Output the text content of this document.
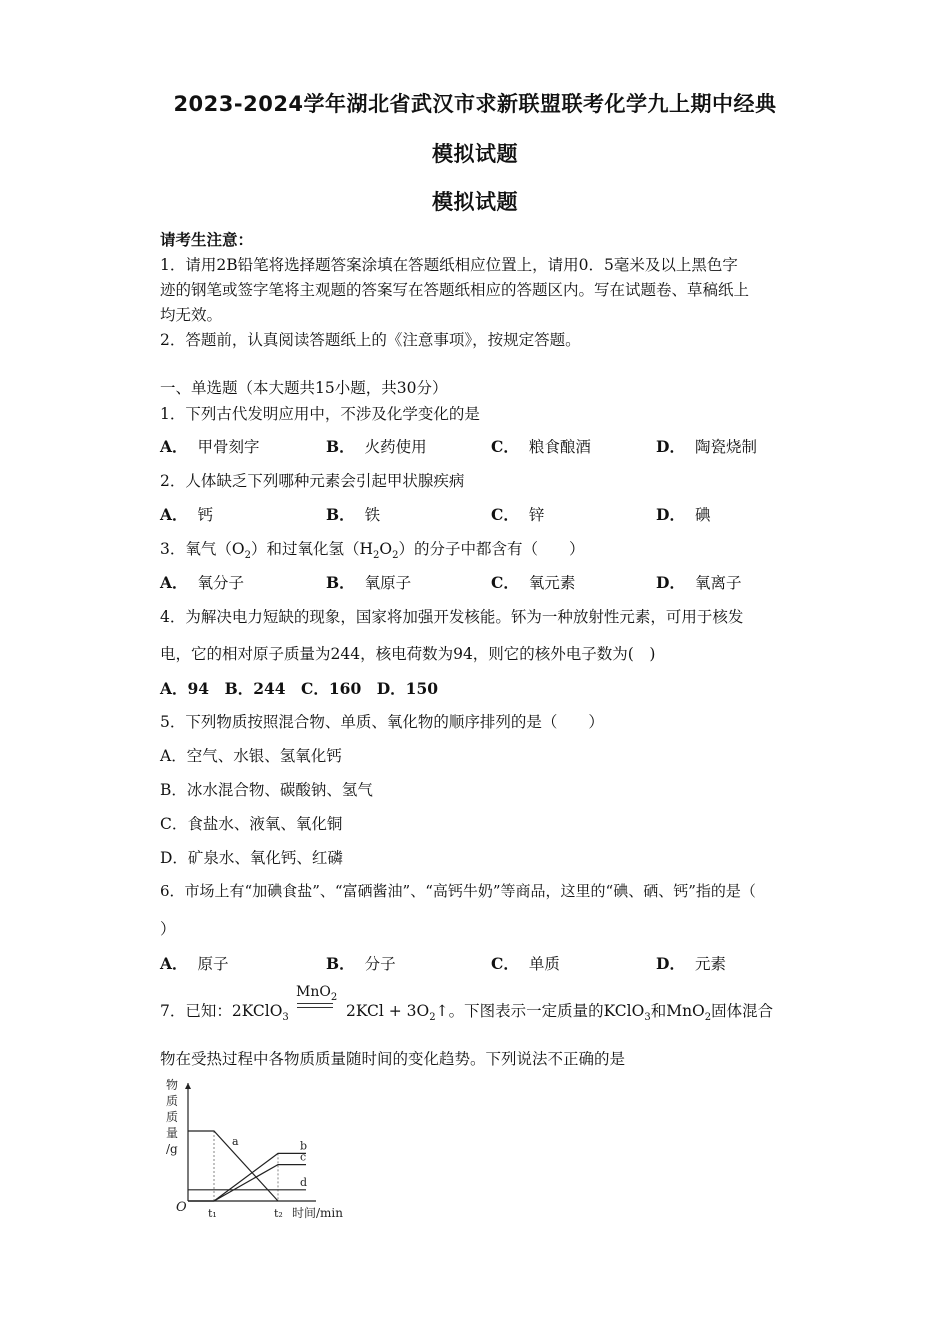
2023-2024学年湖北省武汉市求新联盟联考化学九上期中经典
模拟试题
模拟试题
请考生注意：
1．请用2B铅笔将选择题答案涂填在答题纸相应位置上，请用0．5毫米及以上黑色字
迹的钢笔或签字笔将主观题的答案写在答题纸相应的答题区内。写在试题卷、草稿纸上
均无效。
2．答题前，认真阅读答题纸上的《注意事项》，按规定答题。
一、单选题（本大题共15小题，共30分）
1．下列古代发明应用中，不涉及化学变化的是
A． 甲骨刻字	B． 火药使用	C． 粮食酿酒	D． 陶瓷烧制
2．人体缺乏下列哪种元素会引起甲状腺疾病
A． 钙	B． 铁	C． 锌	D． 碘
3．氧气$(O_2)$和过氧化氢$(H_2O_2)$的分子中都含有（　　）
A． 氧分子	B． 氧原子	C． 氧元素	D． 氧离子
4．为解决电力短缺的现象，国家将加强开发核能。钚为一种放射性元素，可用于核发
电，它的相对原子质量为244，核电荷数为94，则它的核外电子数为(　)
A．94　B．244　C．160　D．150
5．下列物质按照混合物、单质、氧化物的顺序排列的是（　　）
A．空气、水银、氢氧化钙
B．冰水混合物、碳酸钠、氢气
C．食盐水、液氧、氧化铜
D．矿泉水、氧化钙、红磷
6．市场上有“加碘食盐”、“富硒酱油”、“高钙牛奶”等商品，这里的“碘、硒、钙”指的是（
）
A． 原子	B． 分子	C． 单质	D． 元素
7．已知：2KClO$_3$
MnO$_2$
$2KCl + 3O_2↑$。下图表示一定质量的KClO$_3$和MnO$_2$固体混合
物在受热过程中各物质质量随时间的变化趋势。下列说法不正确的是
物
质
质
量
/g
O t₁	t₂ 时间/min
a	b
c
d
